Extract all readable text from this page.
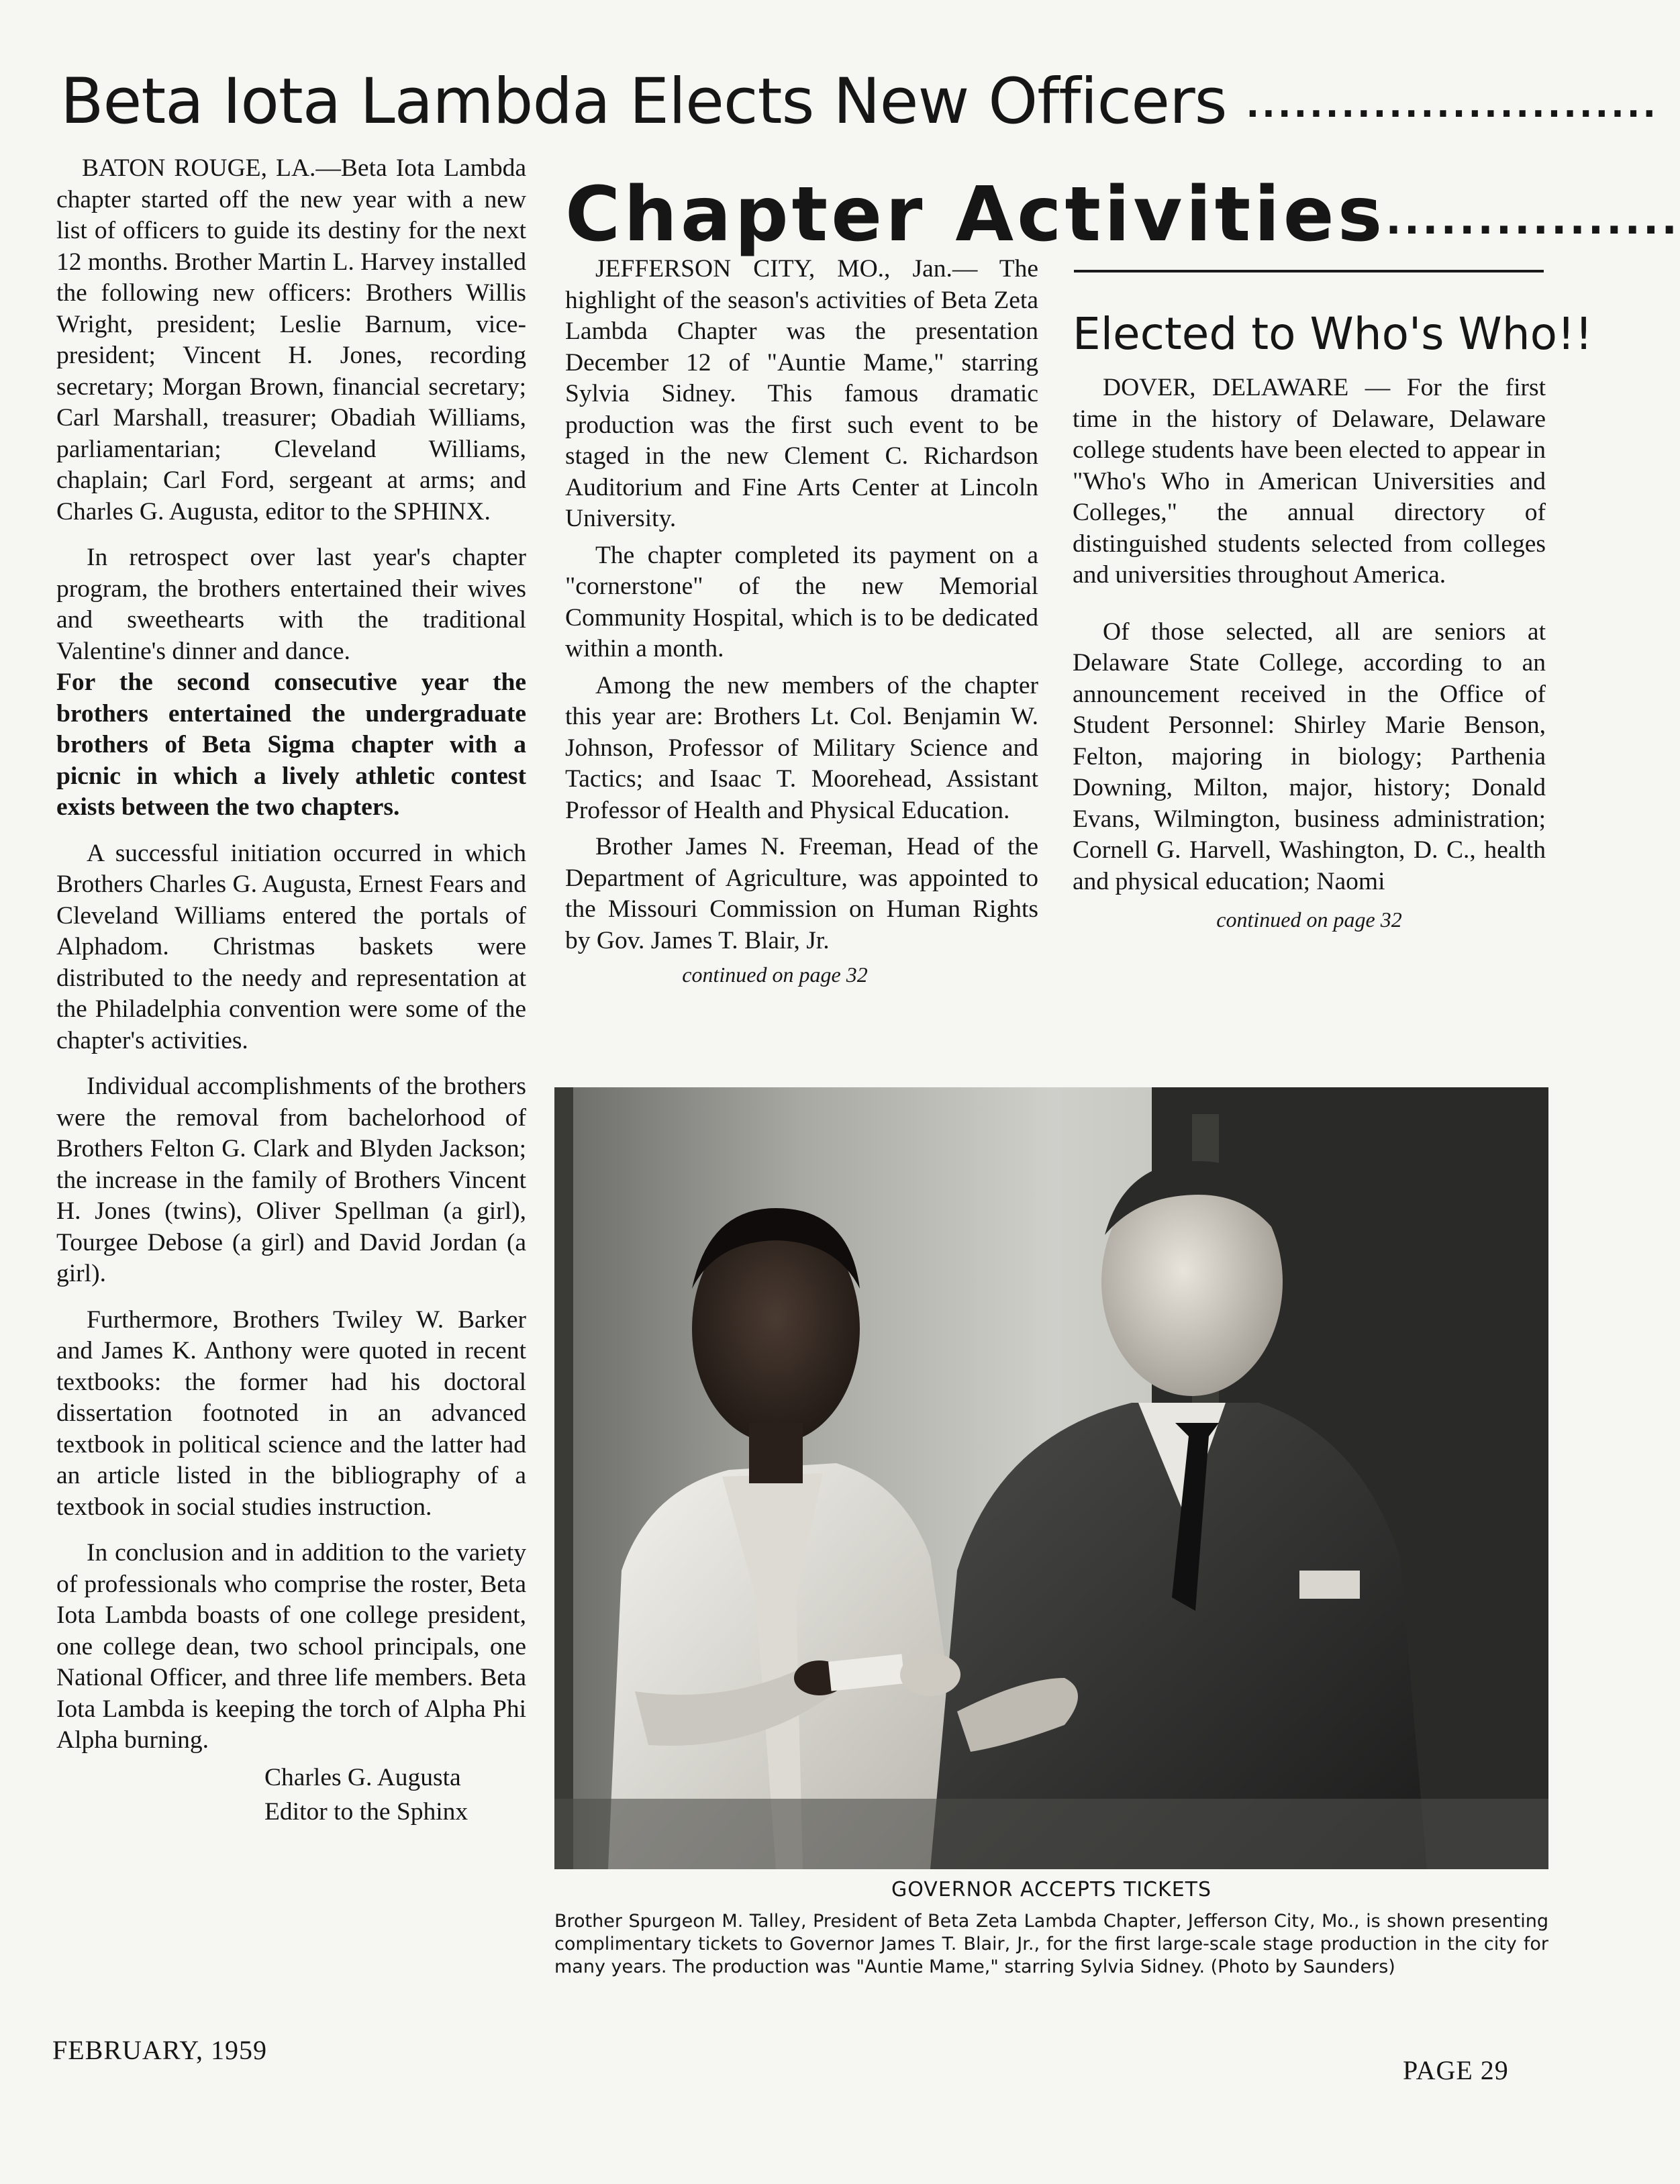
Beta Iota Lambda Elects New Officers ..........................
Chapter Activities................

BATON ROUGE, LA.—Beta Iota Lambda chapter started off the new year with a new list of officers to guide its destiny for the next 12 months. Brother Martin L. Harvey installed the following new officers: Brothers Willis Wright, president; Leslie Barnum, vice-president; Vincent H. Jones, recording secretary; Morgan Brown, financial secretary; Carl Marshall, treasurer; Obadiah Williams, parliamentarian; Cleveland Williams, chaplain; Carl Ford, sergeant at arms; and Charles G. Augusta, editor to the SPHINX.

In retrospect over last year's chapter program, the brothers entertained their wives and sweethearts with the traditional Valentine's dinner and dance.

For the second consecutive year the brothers entertained the undergraduate brothers of Beta Sigma chapter with a picnic in which a lively athletic contest exists between the two chapters.

A successful initiation occurred in which Brothers Charles G. Augusta, Ernest Fears and Cleveland Williams entered the portals of Alphadom. Christmas baskets were distributed to the needy and representation at the Philadelphia convention were some of the chapter's activities.

Individual accomplishments of the brothers were the removal from bachelorhood of Brothers Felton G. Clark and Blyden Jackson; the increase in the family of Brothers Vincent H. Jones (twins), Oliver Spellman (a girl), Tourgee Debose (a girl) and David Jordan (a girl).

Furthermore, Brothers Twiley W. Barker and James K. Anthony were quoted in recent textbooks: the former had his doctoral dissertation footnoted in an advanced textbook in political science and the latter had an article listed in the bibliography of a textbook in social studies instruction.

In conclusion and in addition to the variety of professionals who comprise the roster, Beta Iota Lambda boasts of one college president, one college dean, two school principals, one National Officer, and three life members. Beta Iota Lambda is keeping the torch of Alpha Phi Alpha burning.

Charles G. Augusta
Editor to the Sphinx

JEFFERSON CITY, MO., Jan.— The highlight of the season's activities of Beta Zeta Lambda Chapter was the presentation December 12 of "Auntie Mame," starring Sylvia Sidney. This famous dramatic production was the first such event to be staged in the new Clement C. Richardson Auditorium and Fine Arts Center at Lincoln University.

The chapter completed its payment on a "cornerstone" of the new Memorial Community Hospital, which is to be dedicated within a month.

Among the new members of the chapter this year are: Brothers Lt. Col. Benjamin W. Johnson, Professor of Military Science and Tactics; and Isaac T. Moorehead, Assistant Professor of Health and Physical Education.

Brother James N. Freeman, Head of the Department of Agriculture, was appointed to the Missouri Commission on Human Rights by Gov. James T. Blair, Jr.

continued on page 32
Elected to Who's Who!!

DOVER, DELAWARE — For the first time in the history of Delaware, Delaware college students have been elected to appear in "Who's Who in American Universities and Colleges," the annual directory of distinguished students selected from colleges and universities throughout America.

Of those selected, all are seniors at Delaware State College, according to an announcement received in the Office of Student Personnel: Shirley Marie Benson, Felton, majoring in biology; Parthenia Downing, Milton, major, history; Donald Evans, Wilmington, business administration; Cornell G. Harvell, Washington, D. C., health and physical education; Naomi

continued on page 32
GOVERNOR ACCEPTS TICKETS
Brother Spurgeon M. Talley, President of Beta Zeta Lambda Chapter, Jefferson City, Mo., is shown presenting complimentary tickets to Governor James T. Blair, Jr., for the first large-scale stage production in the city for many years. The production was "Auntie Mame," starring Sylvia Sidney. (Photo by Saunders)
FEBRUARY, 1959
PAGE 29
